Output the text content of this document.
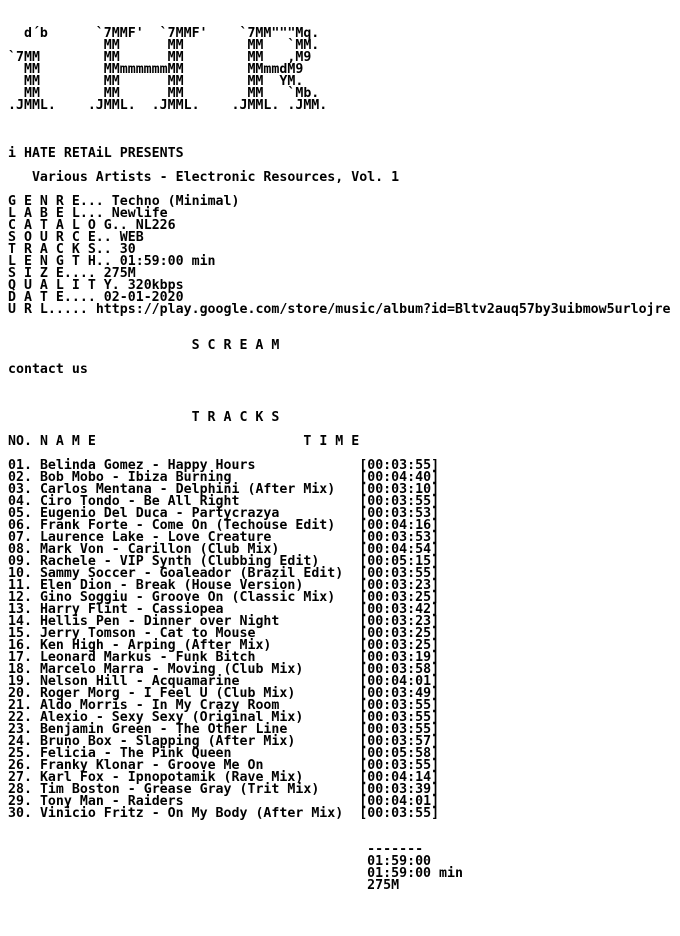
d´b      `7MMF'  `7MMF'    `7MM"""Mq.
MM      MM        MM   `MM.
`7MM        MM      MM        MM   ,M9
MM        MMmmmmmmMM        MMmmdM9
MM        MM      MM        MM  YM.
MM        MM      MM        MM   `Mb.
.JMML.    .JMML.  .JMML.    .JMML. .JMM.
i HATE RETAiL PRESENTS
Various Artists - Electronic Resources, Vol. 1
G E N R E... Techno (Minimal)
L A B E L... Newlife
C A T A L O G.. NL226
S O U R C E.. WEB
T R A C K S.. 30
L E N G T H.. 01:59:00 min
S I Z E.... 275M
Q U A L I T Y. 320kbps
D A T E.... 02-01-2020
U R L..... https://play.google.com/store/music/album?id=Bltv2auq57by3uibmow5urlojre
S C R E A M
contact us
T R A C K S
NO. N A M E	T I M E
01. Belinda Gomez - Happy Hours	[00:03:55]
02. Bob Mobo - Ibiza Burning	[00:04:40]
03. Carlos Mentana - Delphini (After Mix) [00:03:10]
04. Ciro Tondo - Be All Right	[00:03:55]
05. Eugenio Del Duca - Partycrazya	[00:03:53]
06. Frank Forte - Come On (Techouse Edit) [00:04:16]
07. Laurence Lake - Love Creature	[00:03:53]
08. Mark Von - Carillon (Club Mix)	[00:04:54]
09. Rachele - VIP Synth (Clubbing Edit)	[00:05:15]
10. Sammy Soccer - Goaleador (Brazil Edit) [00:03:55]
11. Elen Dion - Break (House Version)	[00:03:23]
12. Gino Soggiu - Groove On (Classic Mix) [00:03:25]
13. Harry Flint - Cassiopea	[00:03:42]
14. Hellis Pen - Dinner over Night	[00:03:23]
15. Jerry Tomson - Cat to Mouse	[00:03:25]
16. Ken High - Arping (After Mix)	[00:03:25]
17. Leonard Markus - Funk Bitch	[00:03:19]
18. Marcelo Marra - Moving (Club Mix)	[00:03:58]
19. Nelson Hill - Acquamarine	[00:04:01]
20. Roger Morg - I Feel U (Club Mix)	[00:03:49]
21. Aldo Morris - In My Crazy Room	[00:03:55]
22. Alexio - Sexy Sexy (Original Mix)	[00:03:55]
23. Benjamin Green - The Other Line	[00:03:55]
24. Bruno Box - Slapping (After Mix)	[00:03:57]
25. Felicia - The Pink Queen	[00:05:58]
26. Franky Klonar - Groove Me On	[00:03:55]
27. Karl Fox - Ipnopotamik (Rave Mix)	[00:04:14]
28. Tim Boston - Grease Gray (Trit Mix)	[00:03:39]
29. Tony Man - Raiders	[00:04:01]
30. Vinicio Fritz - On My Body (After Mix) [00:03:55]
-------
01:59:00
01:59:00 min
275M
